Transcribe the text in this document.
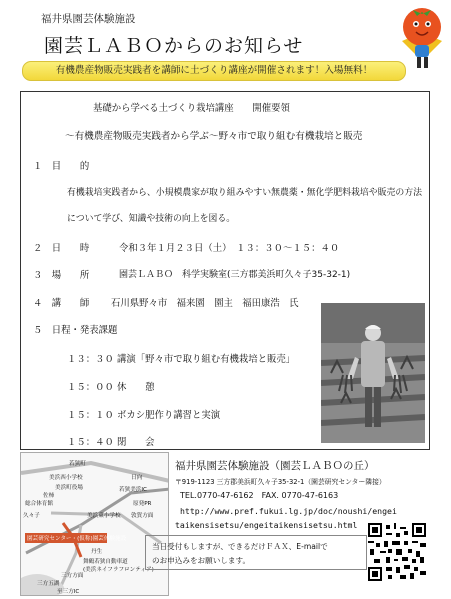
福井県園芸体験施設
園芸ＬＡＢＯからのお知らせ
有機農産物販売実践者を講師に土づくり講座が開催されます！入場無料！
基礎から学べる土づくり栽培講座　　開催要領
～有機農産物販売実践者から学ぶ～野々市で取り組む有機栽培と販売
１　目　　的
有機栽培実践者から、小規模農家が取り組みやすい無農薬・無化学肥料栽培や販売の方法
について学び、知識や技術の向上を図る。
２　日　　時	令和３年１月２３日（土）　１３：３０～１５：４０
３　場　　所	園芸ＬＡＢＯ　科学実験室(三方郡美浜町久々子35-32-1)
４　講　　師 石川県野々市　福来園　園主　福田康浩　氏
５　日程・発表課題
１３：３０ 講演「野々市で取り組む有機栽培と販売」
１５：００ 休　　憩
１５：１０ ボカシ肥作り講習と実演
１５：４０ 閉　　会
若狭町
美浜西小学校
美浜町役場
佐柿
日向
若狭美浜IC
総合体育館	原発PR
久々子	美浜東小学校 敦賀方面
園芸研究センター・(仮称)園芸体験施設
丹生
舞鶴若狭自動車道
(美浜ネイフラフロンティア)
三方五湖
三方方面
至三方IC
福井県園芸体験施設（園芸ＬＡＢＯの丘）
〒919-1123 三方郡美浜町久々子35-32-1（園芸研究センター隣接）
TEL.0770-47-6162　FAX. 0770-47-6163
http://www.pref.fukui.lg.jp/doc/noushi/engei
taikensisetsu/engeitaikensisetsu.html
当日受付もしますが、できるだけＦＡＸ、E-mailで
のお申込みをお願いします。
